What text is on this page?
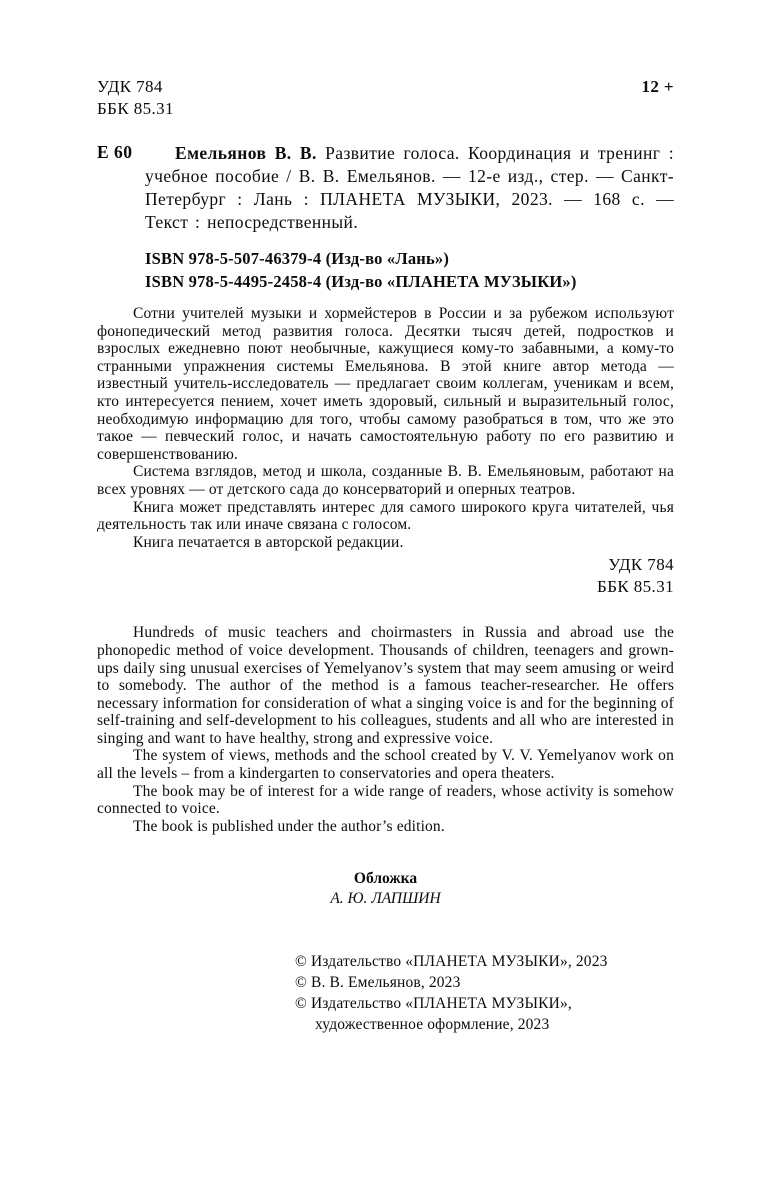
УДК 784
ББК 85.31
12 +
Е 60	Емельянов В. В. Развитие голоса. Координация и тренинг : учебное пособие / В. В. Емельянов. — 12-е изд., стер. — Санкт-Петербург : Лань : ПЛАНЕТА МУЗЫКИ, 2023. — 168 с. — Текст : непосредственный.

ISBN 978-5-507-46379-4 (Изд-во «Лань»)

ISBN 978-5-4495-2458-4 (Изд-во «ПЛАНЕТА МУЗЫКИ»)

Сотни учителей музыки и хормейстеров в России и за рубежом используют фонопедический метод развития голоса. Десятки тысяч детей, подростков и взрослых ежедневно поют необычные, кажущиеся кому-то забавными, а кому-то странными упражнения системы Емельянова. В этой книге автор метода — известный учитель-исследователь — предлагает своим коллегам, ученикам и всем, кто интересуется пением, хочет иметь здоровый, сильный и выразительный голос, необходимую информацию для того, чтобы самому разобраться в том, что же это такое — певческий голос, и начать самостоятельную работу по его развитию и совершенствованию.

Система взглядов, метод и школа, созданные В. В. Емельяновым, работают на всех уровнях — от детского сада до консерваторий и оперных театров.

Книга может представлять интерес для самого широкого круга читателей, чья деятельность так или иначе связана с голосом.

Книга печатается в авторской редакции.

УДК 784
ББК 85.31

Hundreds of music teachers and choirmasters in Russia and abroad use the phonopedic method of voice development. Thousands of children, teenagers and grown-ups daily sing unusual exercises of Yemelyanov’s system that may seem amusing or weird to somebody. The author of the method is a famous teacher-researcher. He offers necessary information for consideration of what a singing voice is and for the beginning of self-training and self-development to his colleagues, students and all who are interested in singing and want to have healthy, strong and expressive voice.

The system of views, methods and the school created by V. V. Yemelyanov work on all the levels – from a kindergarten to conservatories and opera theaters.

The book may be of interest for a wide range of readers, whose activity is somehow connected to voice.

The book is published under the author’s edition.

Обложка
А. Ю. ЛАПШИН

© Издательство «ПЛАНЕТА МУЗЫКИ», 2023

© В. В. Емельянов, 2023

© Издательство «ПЛАНЕТА МУЗЫКИ»,

художественное оформление, 2023
